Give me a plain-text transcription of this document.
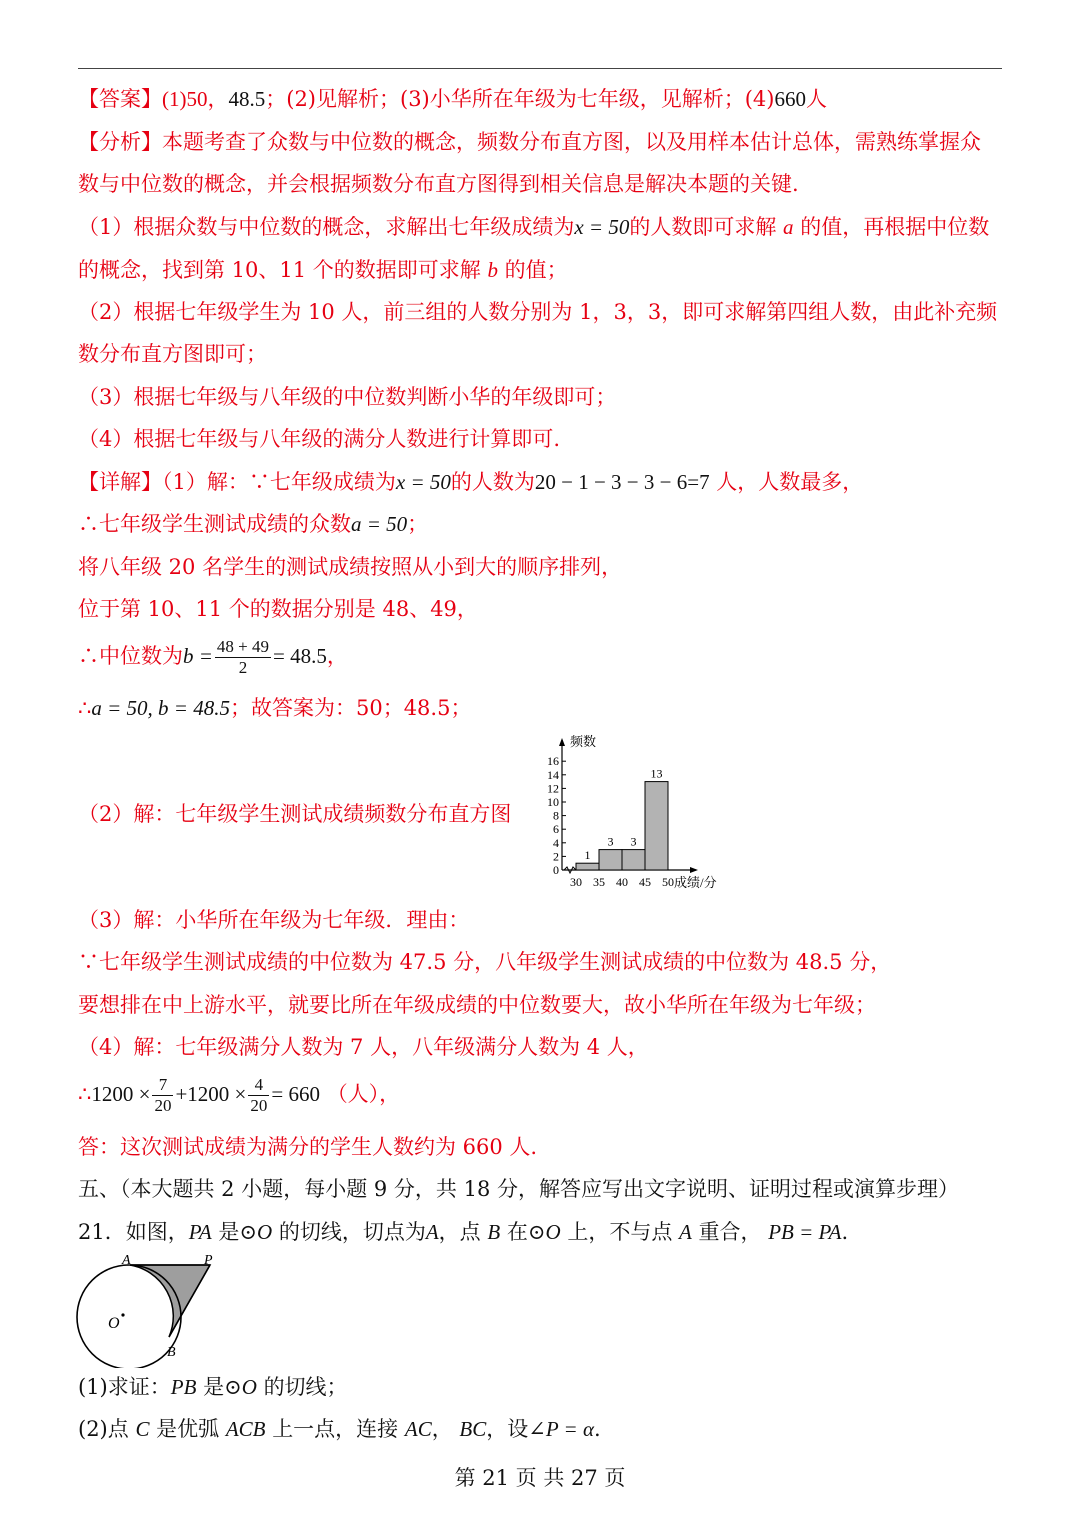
【答案】(1)50，48.5；(2)见解析；(3)小华所在年级为七年级，见解析；(4)660人
【分析】本题考查了众数与中位数的概念，频数分布直方图，以及用样本估计总体，需熟练掌握众
数与中位数的概念，并会根据频数分布直方图得到相关信息是解决本题的关键.
（1）根据众数与中位数的概念，求解出七年级成绩为x = 50的人数即可求解 a 的值，再根据中位数
的概念，找到第 10、11 个的数据即可求解 b 的值；
（2）根据七年级学生为 10 人，前三组的人数分别为 1，3，3，即可求解第四组人数，由此补充频
数分布直方图即可；
（3）根据七年级与八年级的中位数判断小华的年级即可；
（4）根据七年级与八年级的满分人数进行计算即可.
【详解】（1）解：∵七年级成绩为x = 50的人数为20 − 1 − 3 − 3 − 6=7 人，人数最多，
∴七年级学生测试成绩的众数a = 50；
将八年级 20 名学生的测试成绩按照从小到大的顺序排列，
位于第 10、11 个的数据分别是 48、49，
∴中位数为$b = \frac{48 + 49}{2} = 48.5$，
∴a = 50, b = 48.5；故答案为：50；48.5；
（2）解：七年级学生测试成绩频数分布直方图
0
2
4
6
8
10
12
14
16
频数
30 35 40 45 50 成绩/分
1
3 3
13
（3）解：小华所在年级为七年级．理由：
∵七年级学生测试成绩的中位数为 47.5 分，八年级学生测试成绩的中位数为 48.5 分，
要想排在中上游水平，就要比所在年级成绩的中位数要大，故小华所在年级为七年级；
（4）解：七年级满分人数为 7 人，八年级满分人数为 4 人，
∴1200 × $\frac{7}{20} +1200 \times \frac{4}{20} = 660$ （人），
答：这次测试成绩为满分的学生人数约为 660 人.
五、（本大题共 2 小题，每小题 9 分，共 18 分，解答应写出文字说明、证明过程或演算步理）
21．如图，PA 是⊙O 的切线，切点为A，点 B 在⊙O 上，不与点 A 重合， PB = PA.
A	P
B
O
(1)求证：PB 是⊙O 的切线；
(2)点 C 是优弧 ACB 上一点，连接 AC， BC，设∠P = α.
第 21 页 共 27 页
